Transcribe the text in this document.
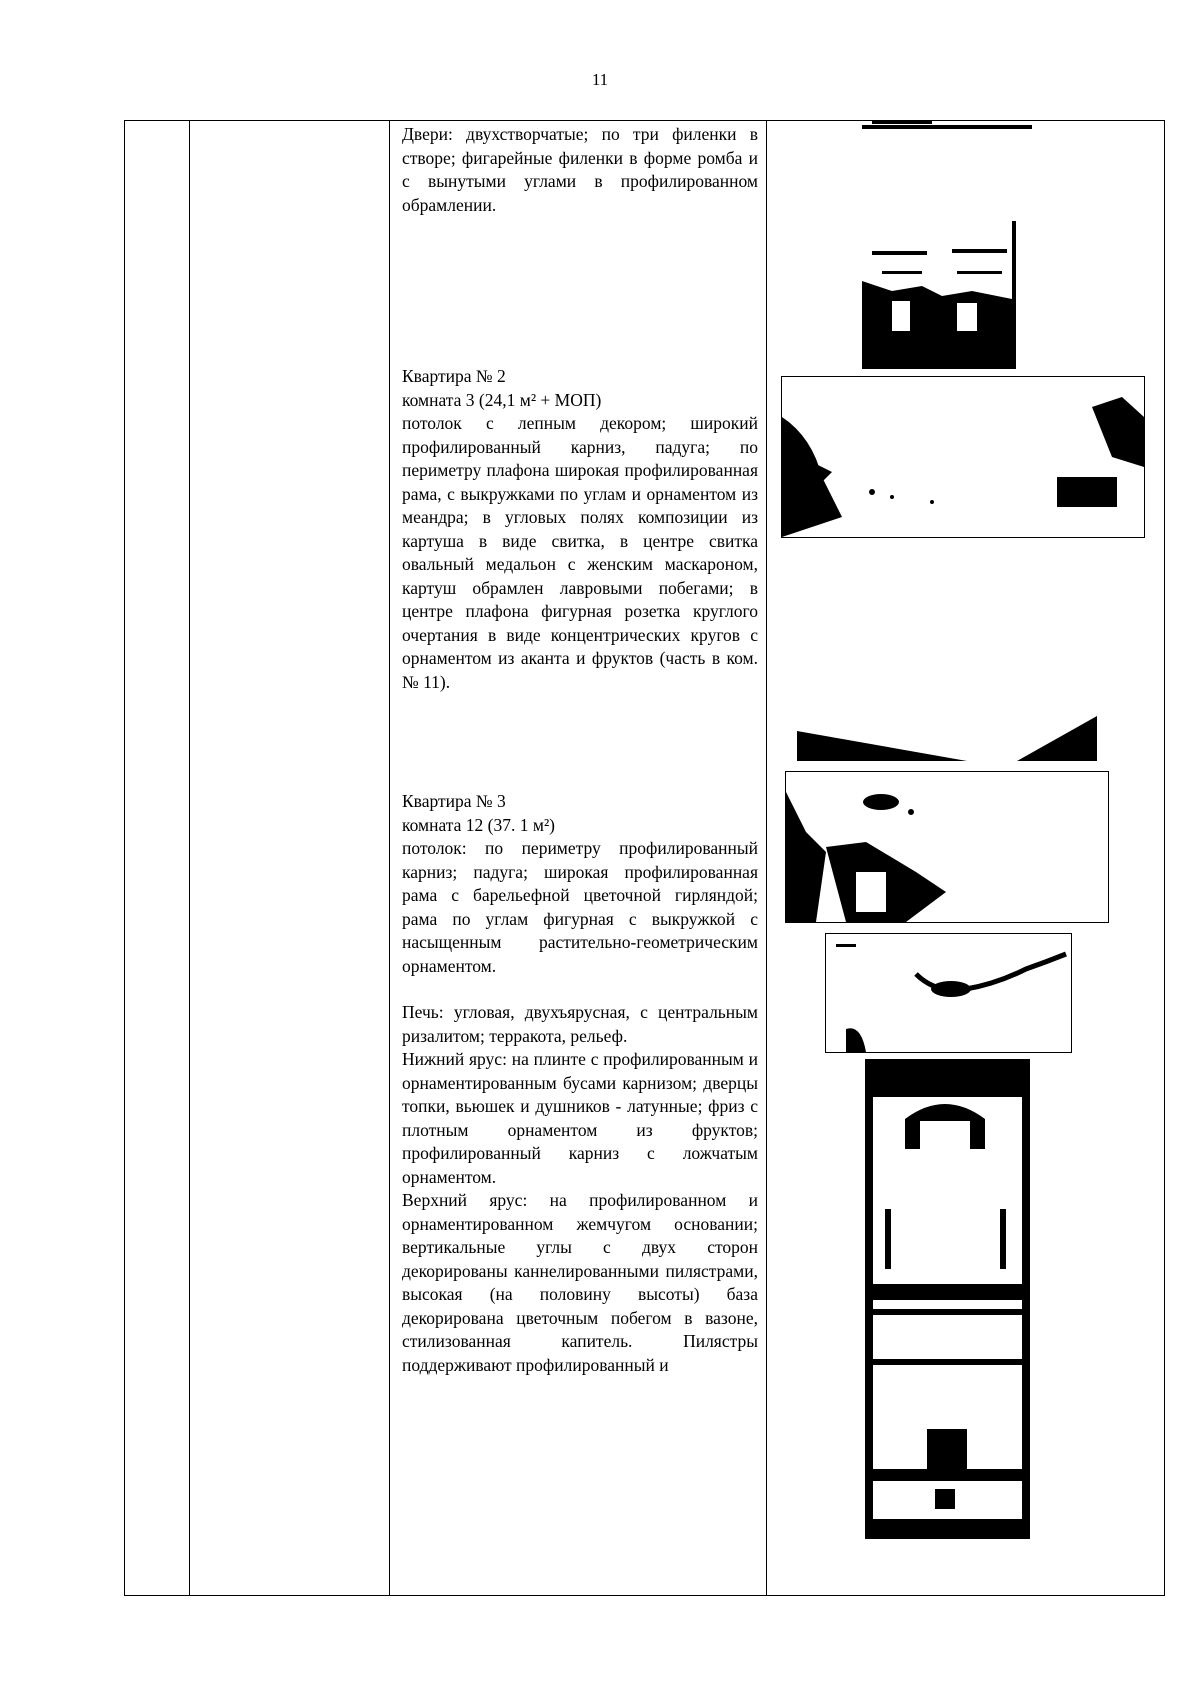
11

Двери: двухстворчатые; по три филенки в створе; фигарейные филенки в форме ромба и с вынутыми углами в профилированном обрамлении.

Квартира № 2

комната 3 (24,1 м² + МОП)

потолок с лепным декором; широкий профилированный карниз, падуга; по периметру плафона широкая профилированная рама, с выкружками по углам и орнаментом из меандра; в угловых полях композиции из картуша в виде свитка, в центре свитка овальный медальон с женским маскароном, картуш обрамлен лавровыми побегами; в центре плафона фигурная розетка круглого очертания в виде концентрических кругов с орнаментом из аканта и фруктов (часть в ком. № 11).

Квартира № 3

комната 12 (37. 1 м²)

потолок: по периметру профилированный карниз; падуга; широкая профилированная рама с барельефной цветочной гирляндой; рама по углам фигурная с выкружкой с насыщенным растительно-геометрическим орнаментом.

Печь: угловая, двухъярусная, с центральным ризалитом; терракота, рельеф.

Нижний ярус: на плинте с профилированным и орнаментированным бусами карнизом; дверцы топки, вьюшек и душников - латунные; фриз с плотным орнаментом из фруктов; профилированный карниз с ложчатым орнаментом.

Верхний ярус: на профилированном и орнаментированном жемчугом основании; вертикальные углы с двух сторон декорированы каннелированными пилястрами, высокая (на половину высоты) база декорирована цветочным побегом в вазоне, стилизованная капитель. Пилястры поддерживают профилированный и
